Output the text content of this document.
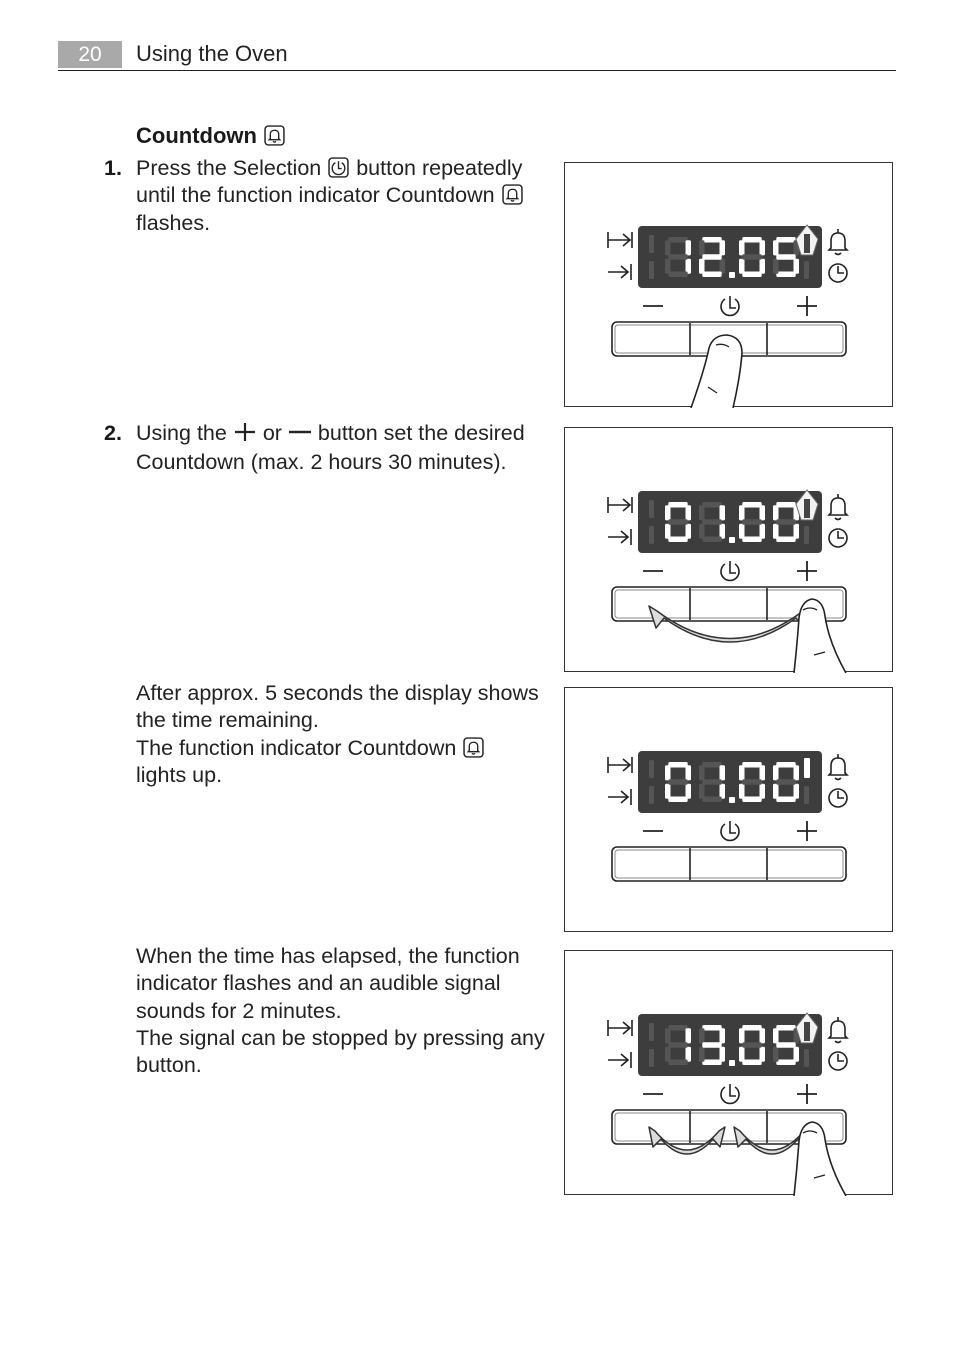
20	Using the Oven
Countdown
1. Press the Selection button repeatedly
until the function indicator Countdown
flashes.
2. Using the or button set the desired
Countdown (max. 2 hours 30 minutes).
After approx. 5 seconds the display shows
the time remaining.
The function indicator Countdown
lights up.
When the time has elapsed, the function
indicator flashes and an audible signal
sounds for 2 minutes.
The signal can be stopped by pressing any
button.
